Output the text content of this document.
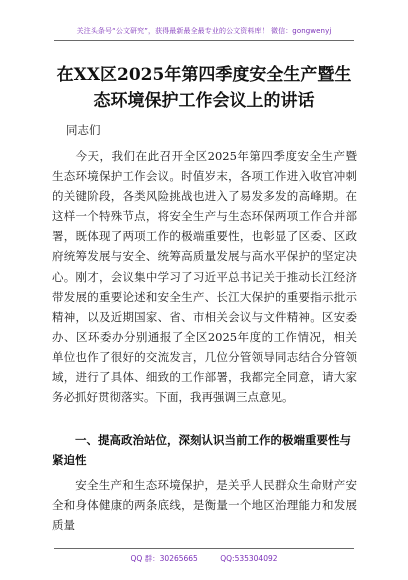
关注头条号“公文研究”，获得最新最全最专业的公文资料库！ 微信：gongwenyj
在XX区2025年第四季度安全生产暨生
态环境保护工作会议上的讲话
同志们

今天，我们在此召开全区2025年第四季度安全生产暨生态环境保护工作会议。时值岁末，各项工作进入收官冲刺的关键阶段，各类风险挑战也进入了易发多发的高峰期。在这样一个特殊节点，将安全生产与生态环保两项工作合并部署，既体现了两项工作的极端重要性，也彰显了区委、区政府统筹发展与安全、统筹高质量发展与高水平保护的坚定决心。刚才，会议集中学习了习近平总书记关于推动长江经济带发展的重要论述和安全生产、长江大保护的重要指示批示精神，以及近期国家、省、市相关会议与文件精神。区安委办、区环委办分别通报了全区2025年度的工作情况，相关单位也作了很好的交流发言，几位分管领导同志结合分管领域，进行了具体、细致的工作部署，我都完全同意，请大家务必抓好贯彻落实。下面，我再强调三点意见。

一、提高政治站位，深刻认识当前工作的极端重要性与紧迫性

安全生产和生态环境保护，是关乎人民群众生命财产安全和身体健康的两条底线，是衡量一个地区治理能力和发展质量

QQ 群：30265665	QQ:535304092
